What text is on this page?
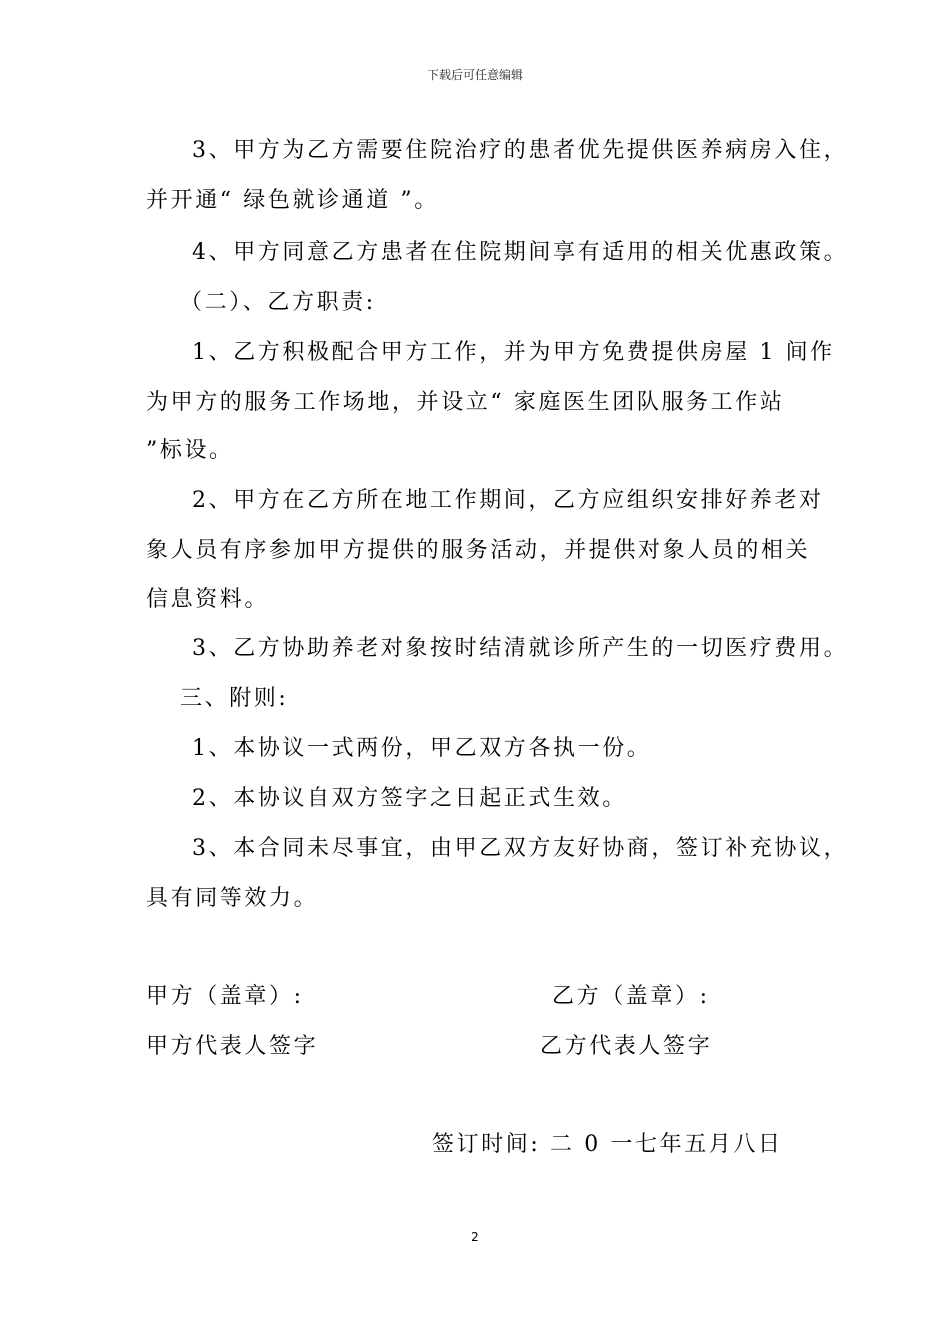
下载后可任意编辑
3、甲方为乙方需要住院治疗的患者优先提供医养病房入住，
并开通“ 绿色就诊通道 ”。
4、甲方同意乙方患者在住院期间享有适用的相关优惠政策。
（二）、乙方职责:
1、乙方积极配合甲方工作，并为甲方免费提供房屋 1 间作
为甲方的服务工作场地，并设立“ 家庭医生团队服务工作站
”标设。
2、甲方在乙方所在地工作期间，乙方应组织安排好养老对
象人员有序参加甲方提供的服务活动，并提供对象人员的相关
信息资料。
3、乙方协助养老对象按时结清就诊所产生的一切医疗费用。
三、附则:
1、本协议一式两份，甲乙双方各执一份。
2、本协议自双方签字之日起正式生效。
3、本合同未尽事宜，由甲乙双方友好协商，签订补充协议，
具有同等效力。
甲方（盖章）:	乙方（盖章）:
甲方代表人签字	乙方代表人签字
签订时间: 二 0 一七年五月八日
2
